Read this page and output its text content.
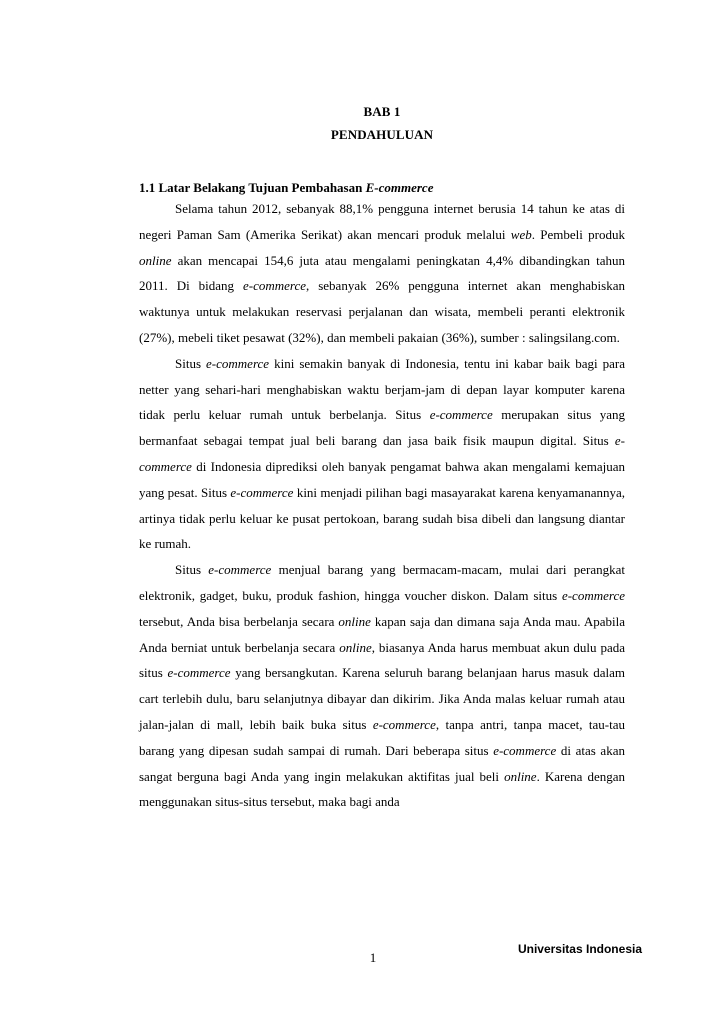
BAB 1
PENDAHULUAN

1.1 Latar Belakang Tujuan Pembahasan E-commerce

Selama tahun 2012, sebanyak 88,1% pengguna internet berusia 14 tahun ke atas di negeri Paman Sam (Amerika Serikat) akan mencari produk melalui web. Pembeli produk online akan mencapai 154,6 juta atau mengalami peningkatan 4,4% dibandingkan tahun 2011. Di bidang e-commerce, sebanyak 26% pengguna internet akan menghabiskan waktunya untuk melakukan reservasi perjalanan dan wisata, membeli peranti elektronik (27%), mebeli tiket pesawat (32%), dan membeli pakaian (36%), sumber : salingsilang.com.

Situs e-commerce kini semakin banyak di Indonesia, tentu ini kabar baik bagi para netter yang sehari-hari menghabiskan waktu berjam-jam di depan layar komputer karena tidak perlu keluar rumah untuk berbelanja. Situs e-commerce merupakan situs yang bermanfaat sebagai tempat jual beli barang dan jasa baik fisik maupun digital. Situs e-commerce di Indonesia diprediksi oleh banyak pengamat bahwa akan mengalami kemajuan yang pesat. Situs e-commerce kini menjadi pilihan bagi masayarakat karena kenyamanannya, artinya tidak perlu keluar ke pusat pertokoan, barang sudah bisa dibeli dan langsung diantar ke rumah.

Situs e-commerce menjual barang yang bermacam-macam, mulai dari perangkat elektronik, gadget, buku, produk fashion, hingga voucher diskon. Dalam situs e-commerce tersebut, Anda bisa berbelanja secara online kapan saja dan dimana saja Anda mau. Apabila Anda berniat untuk berbelanja secara online, biasanya Anda harus membuat akun dulu pada situs e-commerce yang bersangkutan. Karena seluruh barang belanjaan harus masuk dalam cart terlebih dulu, baru selanjutnya dibayar dan dikirim. Jika Anda malas keluar rumah atau jalan-jalan di mall, lebih baik buka situs e-commerce, tanpa antri, tanpa macet, tau-tau barang yang dipesan sudah sampai di rumah. Dari beberapa situs e-commerce di atas akan sangat berguna bagi Anda yang ingin melakukan aktifitas jual beli online. Karena dengan menggunakan situs-situs tersebut, maka bagi anda

1
Universitas Indonesia
